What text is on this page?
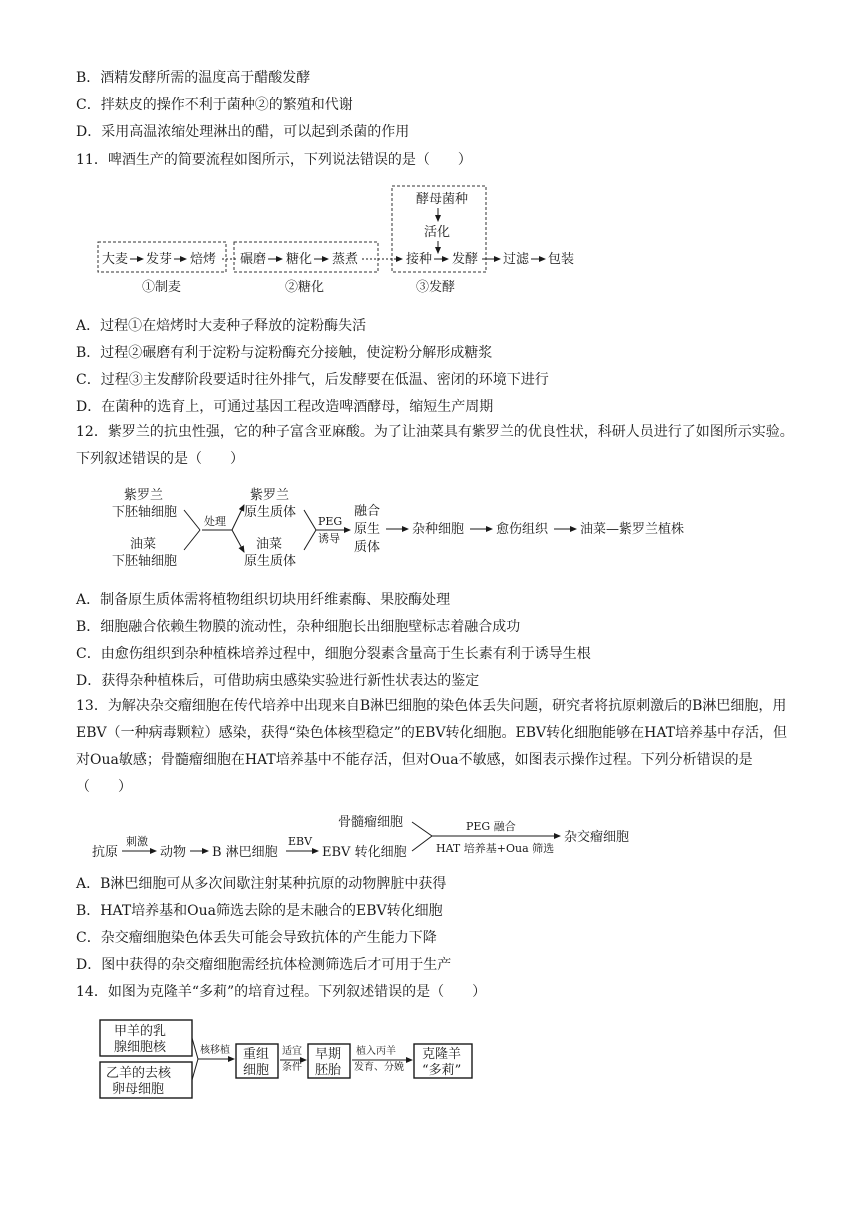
B．酒精发酵所需的温度高于醋酸发酵
C．拌麸皮的操作不利于菌种②的繁殖和代谢
D．采用高温浓缩处理淋出的醋，可以起到杀菌的作用
11．啤酒生产的简要流程如图所示，下列说法错误的是（　　）
酵母菌种
活化
大麦 发芽 焙烤 碾磨 糖化 蒸煮	接种 发酵 过滤 包装
①制麦	②糖化	③发酵
紫罗兰
下胚轴细胞
油菜
下胚轴细胞
处理
紫罗兰
原生质体
油菜
原生质体
PEG
诱导
融合
原生
质体
杂种细胞 愈伤组织 油菜—紫罗兰植株
抗原
刺激
动物 B 淋巴细胞
EBV
EBV 转化细胞
骨髓瘤细胞	PEG 融合
HAT 培养基+Oua 筛选
杂交瘤细胞
甲羊的乳
腺细胞核
乙羊的去核
卵母细胞
核移植 重组
细胞
适宜
条件
早期
胚胎
植入丙羊
发育、分娩
克隆羊
“多莉”
A．过程①在焙烤时大麦种子释放的淀粉酶失活
B．过程②碾磨有利于淀粉与淀粉酶充分接触，使淀粉分解形成糖浆
C．过程③主发酵阶段要适时往外排气，后发酵要在低温、密闭的环境下进行
D．在菌种的选育上，可通过基因工程改造啤酒酵母，缩短生产周期
12．紫罗兰的抗虫性强，它的种子富含亚麻酸。为了让油菜具有紫罗兰的优良性状，科研人员进行了如图所示实验。下列叙述错误的是（　　）
A．制备原生质体需将植物组织切块用纤维素酶、果胶酶处理
B．细胞融合依赖生物膜的流动性，杂种细胞长出细胞壁标志着融合成功
C．由愈伤组织到杂种植株培养过程中，细胞分裂素含量高于生长素有利于诱导生根
D．获得杂种植株后，可借助病虫感染实验进行新性状表达的鉴定
13．为解决杂交瘤细胞在传代培养中出现来自B淋巴细胞的染色体丢失问题，研究者将抗原刺激后的B淋巴细胞，用EBV（一种病毒颗粒）感染，获得“染色体核型稳定”的EBV转化细胞。EBV转化细胞能够在HAT培养基中存活，但对Oua敏感；骨髓瘤细胞在HAT培养基中不能存活，但对Oua不敏感，如图表示操作过程。下列分析错误的是（　　）
A．B淋巴细胞可从多次间歇注射某种抗原的动物脾脏中获得
B．HAT培养基和Oua筛选去除的是未融合的EBV转化细胞
C．杂交瘤细胞染色体丢失可能会导致抗体的产生能力下降
D．图中获得的杂交瘤细胞需经抗体检测筛选后才可用于生产
14．如图为克隆羊“多莉”的培育过程。下列叙述错误的是（　　）
